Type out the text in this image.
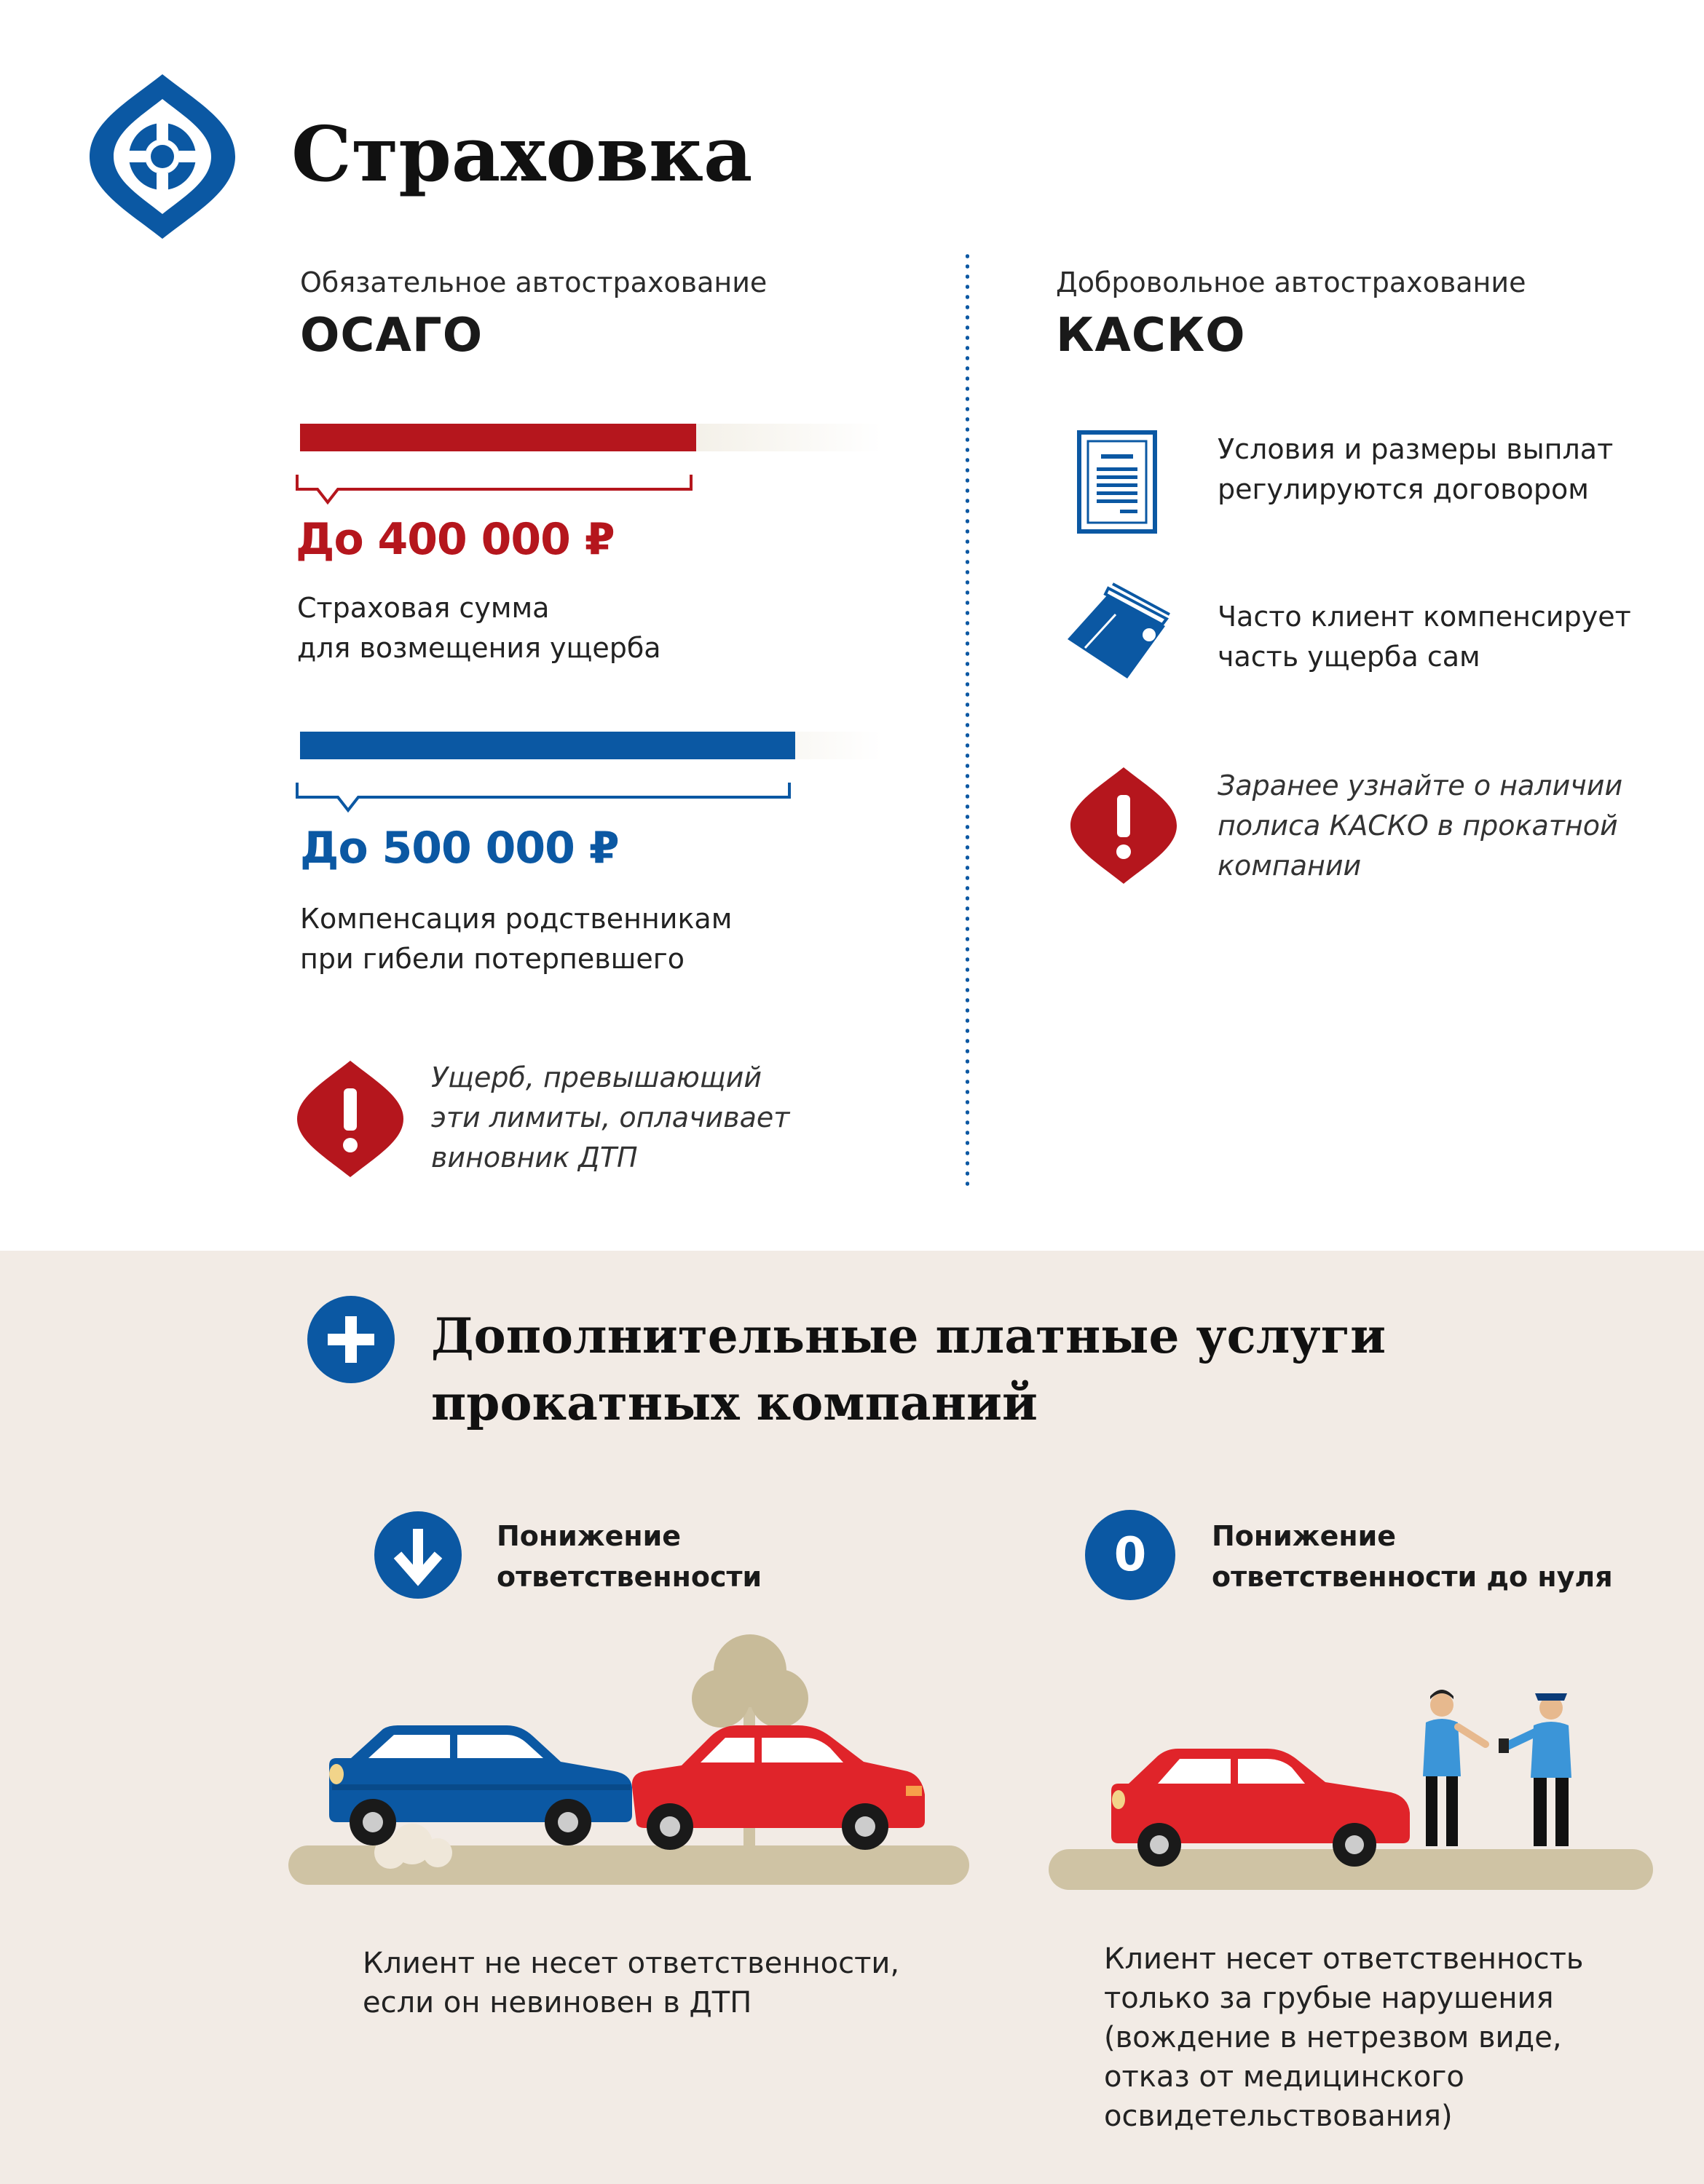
Страховка
Обязательное автострахование
ОСАГО
До 400 000 ₽
Страховая сумма
для возмещения ущерба
До 500 000 ₽
Компенсация родственникам
при гибели потерпевшего
Ущерб, превышающий
эти лимиты, оплачивает
виновник ДТП
Добровольное автострахование
КАСКО
Условия и размеры выплат
регулируются договором
Часто клиент компенсирует
часть ущерба сам
Заранее узнайте о наличии
полиса КАСКО в прокатной
компании
Дополнительные платные услуги
прокатных компаний
Понижение
ответственности	0	Понижение
ответственности до нуля
Клиент не несет ответственности,
если он невиновен в ДТП
Клиент несет ответственность
только за грубые нарушения
(вождение в нетрезвом виде,
отказ от медицинского
освидетельствования)
